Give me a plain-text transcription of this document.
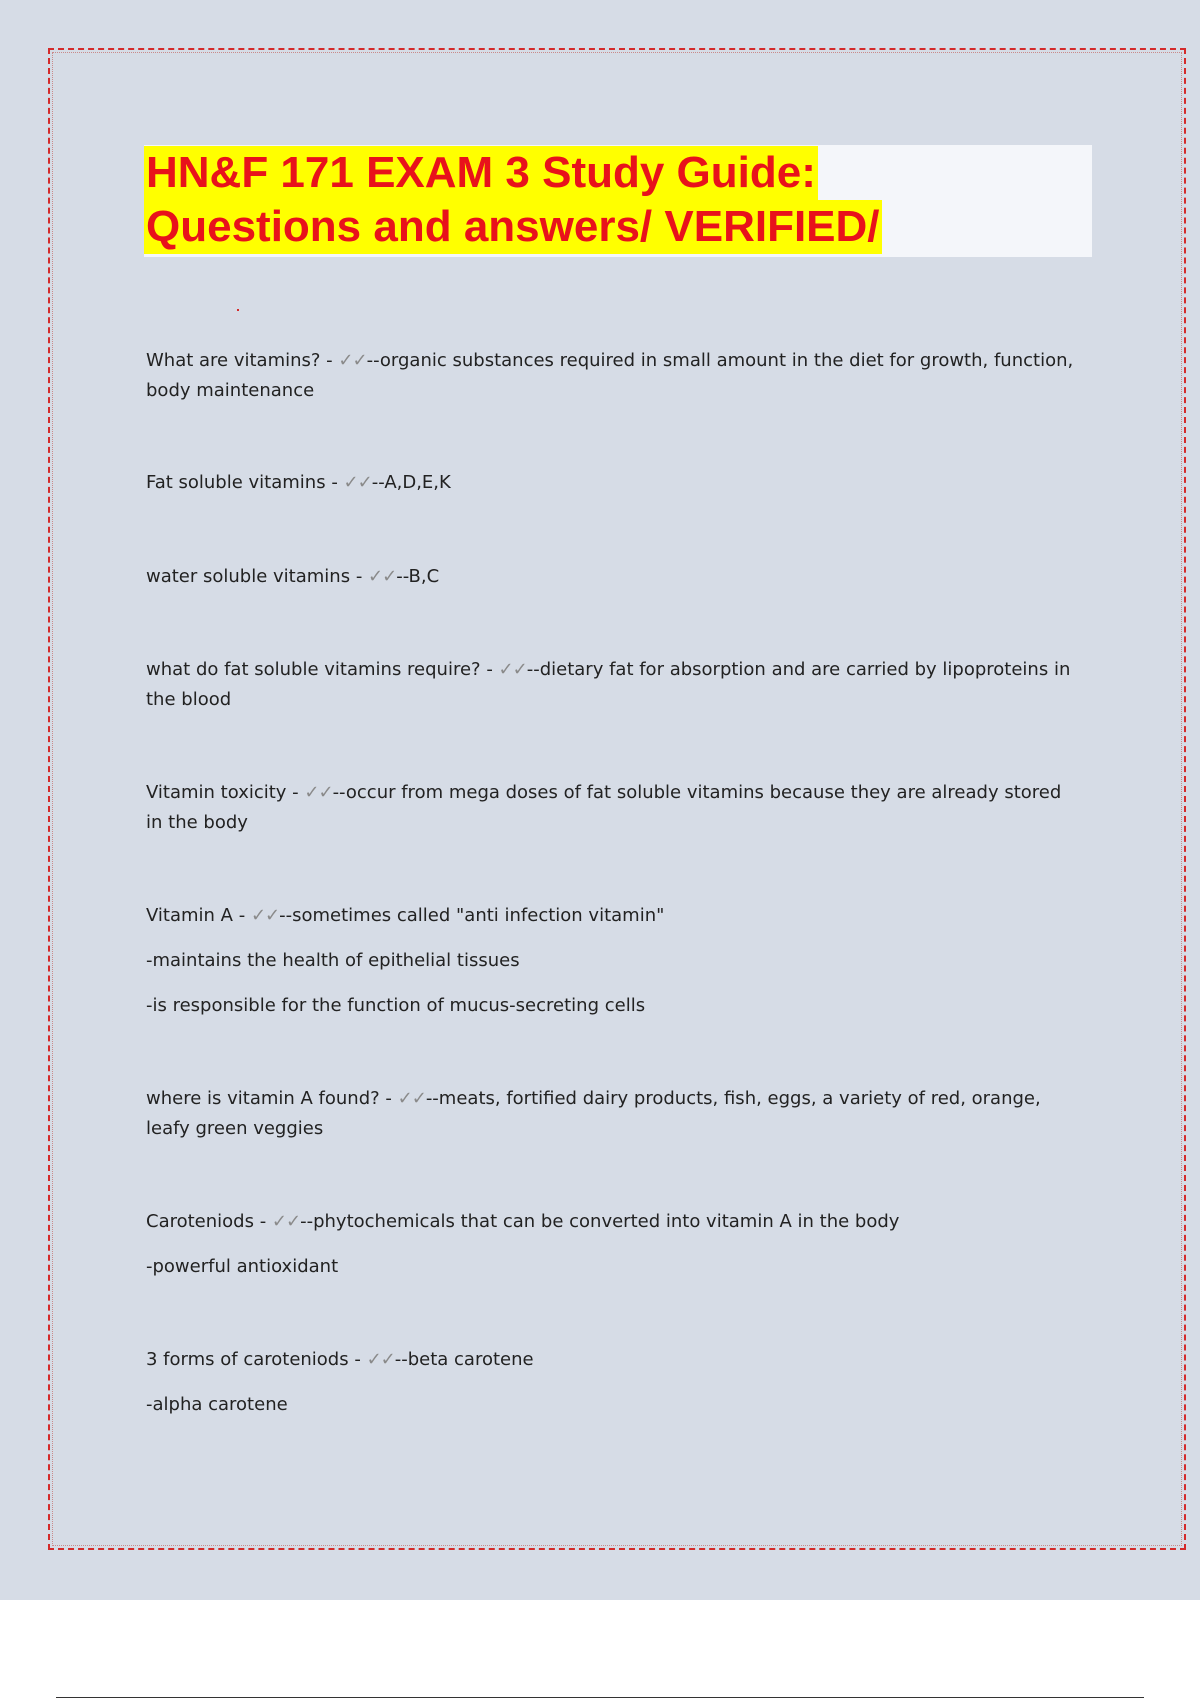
HN&F 171 EXAM 3 Study Guide:
Questions and answers/ VERIFIED/

What are vitamins? - ✓✓--organic substances required in small amount in the diet for growth, function,

body maintenance

Fat soluble vitamins - ✓✓--A,D,E,K

water soluble vitamins - ✓✓--B,C

what do fat soluble vitamins require? - ✓✓--dietary fat for absorption and are carried by lipoproteins in

the blood

Vitamin toxicity - ✓✓--occur from mega doses of fat soluble vitamins because they are already stored

in the body

Vitamin A - ✓✓--sometimes called "anti infection vitamin"

-maintains the health of epithelial tissues

-is responsible for the function of mucus-secreting cells

where is vitamin A found? - ✓✓--meats, fortified dairy products, fish, eggs, a variety of red, orange,

leafy green veggies

Caroteniods - ✓✓--phytochemicals that can be converted into vitamin A in the body

-powerful antioxidant

3 forms of caroteniods - ✓✓--beta carotene

-alpha carotene
